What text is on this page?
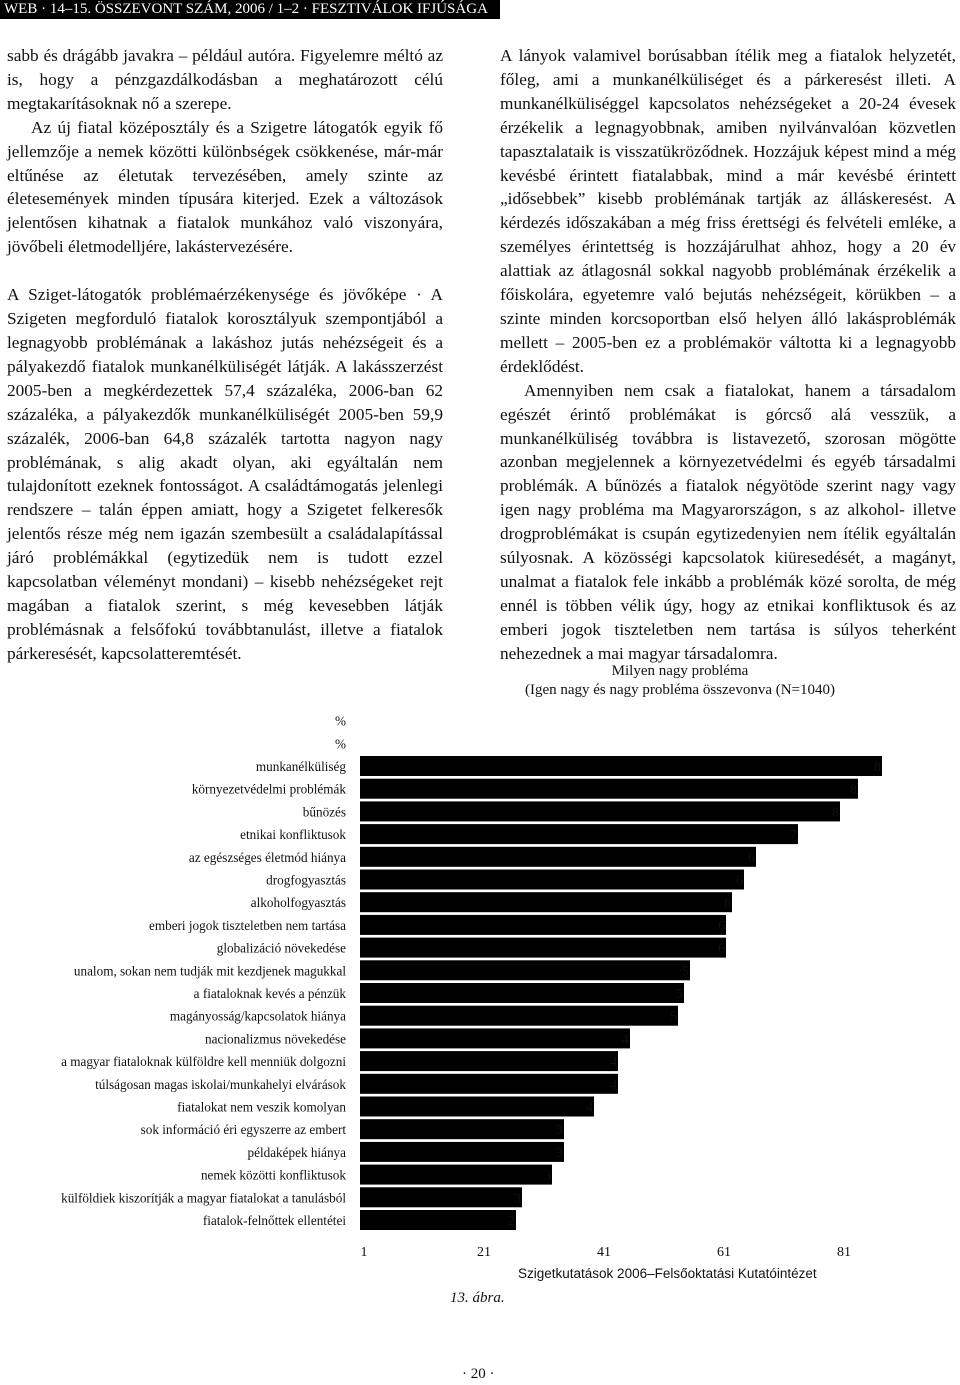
WEB · 14–15. ÖSSZEVONT SZÁM, 2006 / 1–2 · FESZTIVÁLOK IFJÚSÁGA

sabb és drágább javakra – például autóra. Figyelemre méltó az is, hogy a pénzgazdálkodásban a meghatározott célú megtakarításoknak nő a szerepe.

Az új fiatal középosztály és a Szigetre látogatók egyik fő jellemzője a nemek közötti különbségek csökkenése, már-már eltűnése az életutak tervezésében, amely szinte az életesemények minden típusára kiterjed. Ezek a változások jelentősen kihatnak a fiatalok munkához való viszonyára, jövőbeli életmodelljére, lakástervezésére.

A Sziget-látogatók problémaérzékenysége és jövőképe · A Szigeten megforduló fiatalok korosztályuk szempontjából a legnagyobb problémának a lakáshoz jutás nehézségeit és a pályakezdő fiatalok munkanélküliségét látják. A lakásszerzést 2005-ben a megkérdezettek 57,4 százaléka, 2006-ban 62 százaléka, a pályakezdők munkanélküliségét 2005-ben 59,9 százalék, 2006-ban 64,8 százalék tartotta nagyon nagy problémának, s alig akadt olyan, aki egyáltalán nem tulajdonított ezeknek fontosságot. A családtámogatás jelenlegi rendszere – talán éppen amiatt, hogy a Szigetet felkeresők jelentős része még nem igazán szembesült a családalapítással járó problémákkal (egytizedük nem is tudott ezzel kapcsolatban véleményt mondani) – kisebb nehézségeket rejt magában a fiatalok szerint, s még kevesebben látják problémásnak a felsőfokú továbbtanulást, illetve a fiatalok párkeresését, kapcsolatteremtését.

A lányok valamivel borúsabban ítélik meg a fiatalok helyzetét, főleg, ami a munkanélküliséget és a párkeresést illeti. A munkanélküliséggel kapcsolatos nehézségeket a 20-24 évesek érzékelik a legnagyobbnak, amiben nyilvánvalóan közvetlen tapasztalataik is visszatükröződnek. Hozzájuk képest mind a még kevésbé érintett fiatalabbak, mind a már kevésbé érintett „idősebbek” kisebb problémának tartják az álláskeresést. A kérdezés időszakában a még friss érettségi és felvételi emléke, a személyes érintettség is hozzájárulhat ahhoz, hogy a 20 év alattiak az átlagosnál sokkal nagyobb problémának érzékelik a főiskolára, egyetemre való bejutás nehézségeit, körükben – a szinte minden korcsoportban első helyen álló lakásproblémák mellett – 2005-ben ez a problémakör váltotta ki a legnagyobb érdeklődést.

Amennyiben nem csak a fiatalokat, hanem a társadalom egészét érintő problémákat is górcső alá vesszük, a munkanélküliség továbbra is listavezető, szorosan mögötte azonban megjelennek a környezetvédelmi és egyéb társadalmi problémák. A bűnözés a fiatalok négyötöde szerint nagy vagy igen nagy probléma ma Magyarországon, s az alkohol- illetve drogproblémákat is csupán egytizedenyien nem ítélik egyáltalán súlyosnak. A közösségi kapcsolatok kiüresedését, a magányt, unalmat a fiatalok fele inkább a problémák közé sorolta, de még ennél is többen vélik úgy, hogy az etnikai konfliktusok és az emberi jogok tiszteletben nem tartása is súlyos teherként nehezednek a mai magyar társadalomra.

Milyen nagy probléma
(Igen nagy és nagy probléma összevonva (N=1040)
%
%
munkanélküliség	8
környezetvédelmi problémák	8
bűnözés	8
etnikai konfliktusok	7
az egészséges életmód hiánya	6
drogfogyasztás	6
alkoholfogyasztás	6
emberi jogok tiszteletben nem tartása	6
globalizáció növekedése	6
unalom, sokan nem tudják mit kezdjenek magukkal	5
a fiataloknak kevés a pénzük	5
magányosság/kapcsolatok hiánya	5
nacionalizmus növekedése	4
a magyar fiataloknak külföldre kell menniük dolgozni	4
túlságosan magas iskolai/munkahelyi elvárások	4
fiatalokat nem veszik komolyan	4
sok információ éri egyszerre az embert	3
példaképek hiánya	3
nemek közötti konfliktusok	3
külföldiek kiszorítják a magyar fiatalokat a tanulásból	3
fiatalok-felnőttek ellentétei	2
1	21	41	61	81
Szigetkutatások 2006–Felsőoktatási Kutatóintézet
13. ábra.
· 20 ·
